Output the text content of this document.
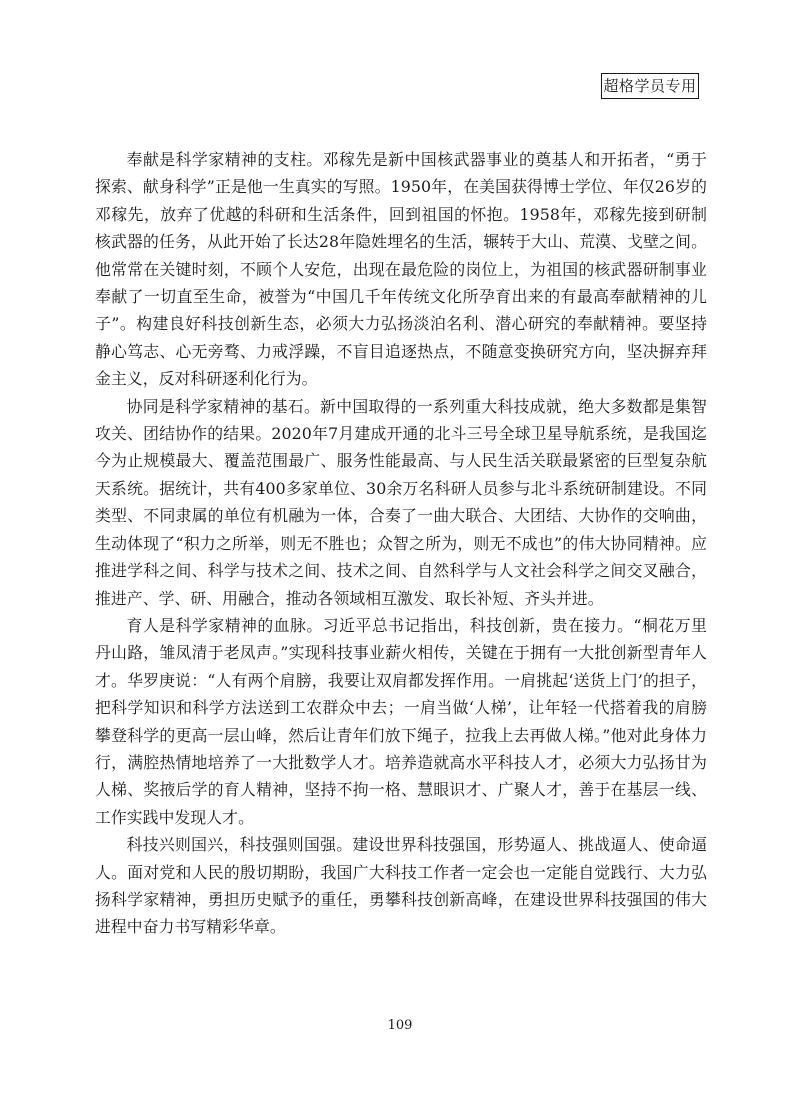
超格学员专用

奉献是科学家精神的支柱。邓稼先是新中国核武器事业的奠基人和开拓者，“勇于探索、献身科学”正是他一生真实的写照。1950年，在美国获得博士学位、年仅26岁的邓稼先，放弃了优越的科研和生活条件，回到祖国的怀抱。1958年，邓稼先接到研制核武器的任务，从此开始了长达28年隐姓埋名的生活，辗转于大山、荒漠、戈壁之间。他常常在关键时刻，不顾个人安危，出现在最危险的岗位上，为祖国的核武器研制事业奉献了一切直至生命，被誉为“中国几千年传统文化所孕育出来的有最高奉献精神的儿子”。构建良好科技创新生态，必须大力弘扬淡泊名利、潜心研究的奉献精神。要坚持静心笃志、心无旁骛、力戒浮躁，不盲目追逐热点，不随意变换研究方向，坚决摒弃拜金主义，反对科研逐利化行为。

协同是科学家精神的基石。新中国取得的一系列重大科技成就，绝大多数都是集智攻关、团结协作的结果。2020年7月建成开通的北斗三号全球卫星导航系统，是我国迄今为止规模最大、覆盖范围最广、服务性能最高、与人民生活关联最紧密的巨型复杂航天系统。据统计，共有400多家单位、30余万名科研人员参与北斗系统研制建设。不同类型、不同隶属的单位有机融为一体，合奏了一曲大联合、大团结、大协作的交响曲，生动体现了“积力之所举，则无不胜也；众智之所为，则无不成也”的伟大协同精神。应推进学科之间、科学与技术之间、技术之间、自然科学与人文社会科学之间交叉融合，推进产、学、研、用融合，推动各领域相互激发、取长补短、齐头并进。

育人是科学家精神的血脉。习近平总书记指出，科技创新，贵在接力。“桐花万里丹山路，雏凤清于老凤声。”实现科技事业薪火相传，关键在于拥有一大批创新型青年人才。华罗庚说：“人有两个肩膀，我要让双肩都发挥作用。一肩挑起‘送货上门’的担子，把科学知识和科学方法送到工农群众中去；一肩当做‘人梯’，让年轻一代搭着我的肩膀攀登科学的更高一层山峰，然后让青年们放下绳子，拉我上去再做人梯。”他对此身体力行，满腔热情地培养了一大批数学人才。培养造就高水平科技人才，必须大力弘扬甘为人梯、奖掖后学的育人精神，坚持不拘一格、慧眼识才、广聚人才，善于在基层一线、工作实践中发现人才。

科技兴则国兴，科技强则国强。建设世界科技强国，形势逼人、挑战逼人、使命逼人。面对党和人民的殷切期盼，我国广大科技工作者一定会也一定能自觉践行、大力弘扬科学家精神，勇担历史赋予的重任，勇攀科技创新高峰，在建设世界科技强国的伟大进程中奋力书写精彩华章。

109
